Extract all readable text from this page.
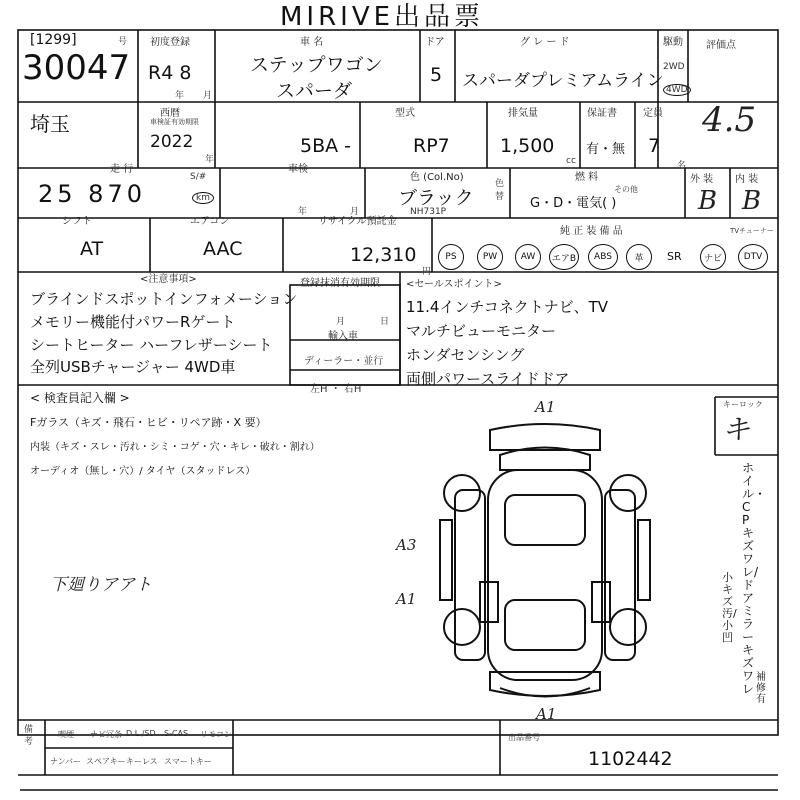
MIRIVE出品票
[1299]	号
30047
初度登録
R4 8
年 月
車 名
ステップワゴン
スパーダ
ドア
5
グ レ ー ド
スパーダプレミアムライン
駆動
2WD
4WD
評価点
4.5
埼玉	西暦
車検証有効期限
2022
年
型式
5BA -	RP7
排気量
1,500
cc
保証書
有・無
定員
7
名
走 行
S/#
25 870	km
車検
年	月
色 (Col.No)
ブラック
NH731P
色替
燃 料
その他
G・D・電気( )
外 装
B
内 装
B
シフト
AT
エアコン
AAC
リサイクル預託金
12,310
円
純 正 装 備 品	TVチューナー
PS	PW	AW	エアB	ABS	革	SR	ナビ	DTV
<注意事項>
ブラインドスポットインフォメーション
メモリー機能付パワーRゲート
シートヒーター ハーフレザーシート
全列USBチャージャー 4WD車
登録抹消有効期限
月	日
輸入車
ディーラー・並行
左H ・ 右H
<セールスポイント>
11.4インチコネクトナビ、TV
マルチビューモニター
ホンダセンシング
両側パワースライドドア
< 検査員記入欄 >
Fガラス（キズ・飛石・ヒビ・リペア跡・X 要）
内装（キズ・スレ・汚れ・シミ・コゲ・穴・キレ・破れ・割れ）
オーディオ（無し・穴）/ タイヤ（スタッドレス）
下廻りアアト
A1
A3
A1
A1
キーロック
キ
ホイル・CPキズワレ/ドアミラーキズワレ
小キズ 汚/小凹
補修有
備考
喫煙 ナビ冗条 D.L./SD S-CAS リモコン
ナンバー スペアキー キーレス スマートキー
出品番号
1102442
